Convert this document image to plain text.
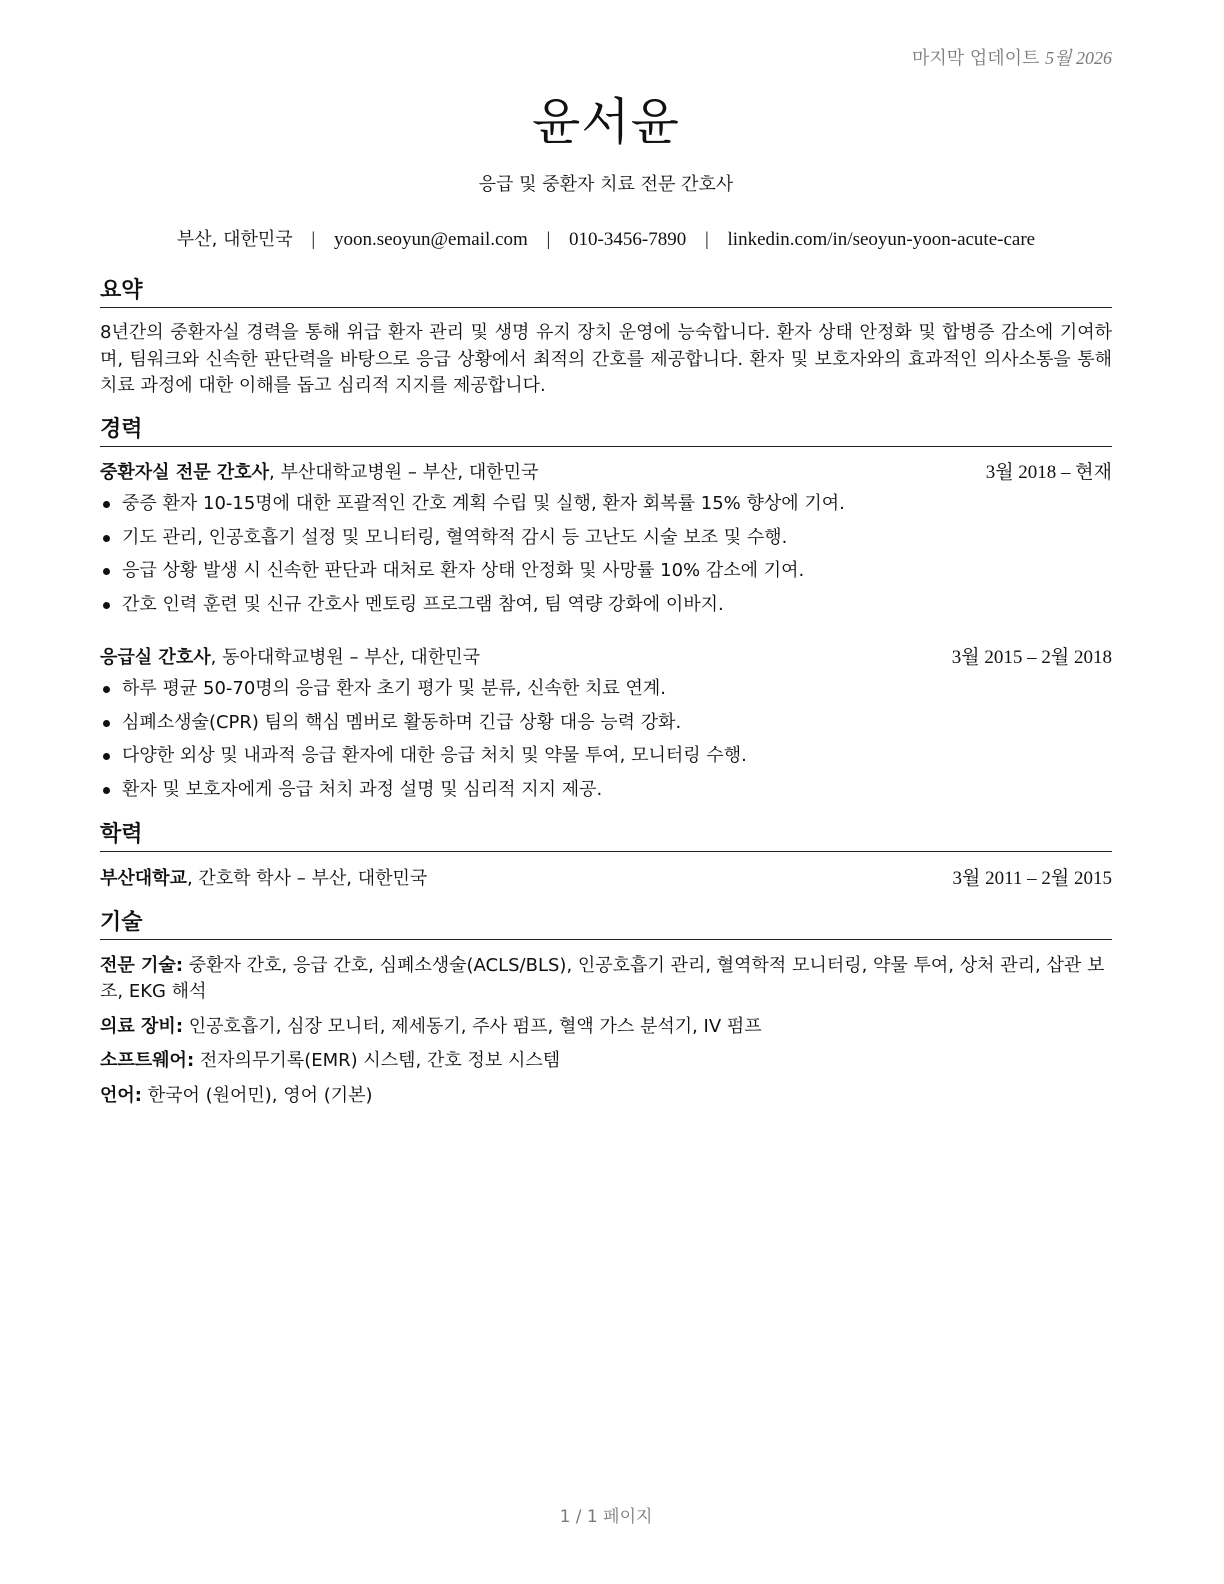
마지막 업데이트 5월 2026
윤서윤
응급 및 중환자 치료 전문 간호사
부산, 대한민국 | yoon.seoyun@email.com | 010-3456-7890 | linkedin.com/in/seoyun-yoon-acute-care
요약
8년간의 중환자실 경력을 통해 위급 환자 관리 및 생명 유지 장치 운영에 능숙합니다. 환자 상태 안정화 및 합병증 감소에 기여하며, 팀워크와 신속한 판단력을 바탕으로 응급 상황에서 최적의 간호를 제공합니다. 환자 및 보호자와의 효과적인 의사소통을 통해 치료 과정에 대한 이해를 돕고 심리적 지지를 제공합니다.
경력
중환자실 전문 간호사, 부산대학교병원 – 부산, 대한민국	3월 2018 – 현재
중증 환자 10-15명에 대한 포괄적인 간호 계획 수립 및 실행, 환자 회복률 15% 향상에 기여.
기도 관리, 인공호흡기 설정 및 모니터링, 혈역학적 감시 등 고난도 시술 보조 및 수행.
응급 상황 발생 시 신속한 판단과 대처로 환자 상태 안정화 및 사망률 10% 감소에 기여.
간호 인력 훈련 및 신규 간호사 멘토링 프로그램 참여, 팀 역량 강화에 이바지.
응급실 간호사, 동아대학교병원 – 부산, 대한민국	3월 2015 – 2월 2018
하루 평균 50-70명의 응급 환자 초기 평가 및 분류, 신속한 치료 연계.
심폐소생술(CPR) 팀의 핵심 멤버로 활동하며 긴급 상황 대응 능력 강화.
다양한 외상 및 내과적 응급 환자에 대한 응급 처치 및 약물 투여, 모니터링 수행.
환자 및 보호자에게 응급 처치 과정 설명 및 심리적 지지 제공.
학력
부산대학교, 간호학 학사 – 부산, 대한민국	3월 2011 – 2월 2015
기술
전문 기술: 중환자 간호, 응급 간호, 심폐소생술(ACLS/BLS), 인공호흡기 관리, 혈역학적 모니터링, 약물 투여, 상처 관리, 삽관 보조, EKG 해석
의료 장비: 인공호흡기, 심장 모니터, 제세동기, 주사 펌프, 혈액 가스 분석기, IV 펌프
소프트웨어: 전자의무기록(EMR) 시스템, 간호 정보 시스템
언어: 한국어 (원어민), 영어 (기본)
1 / 1 페이지
